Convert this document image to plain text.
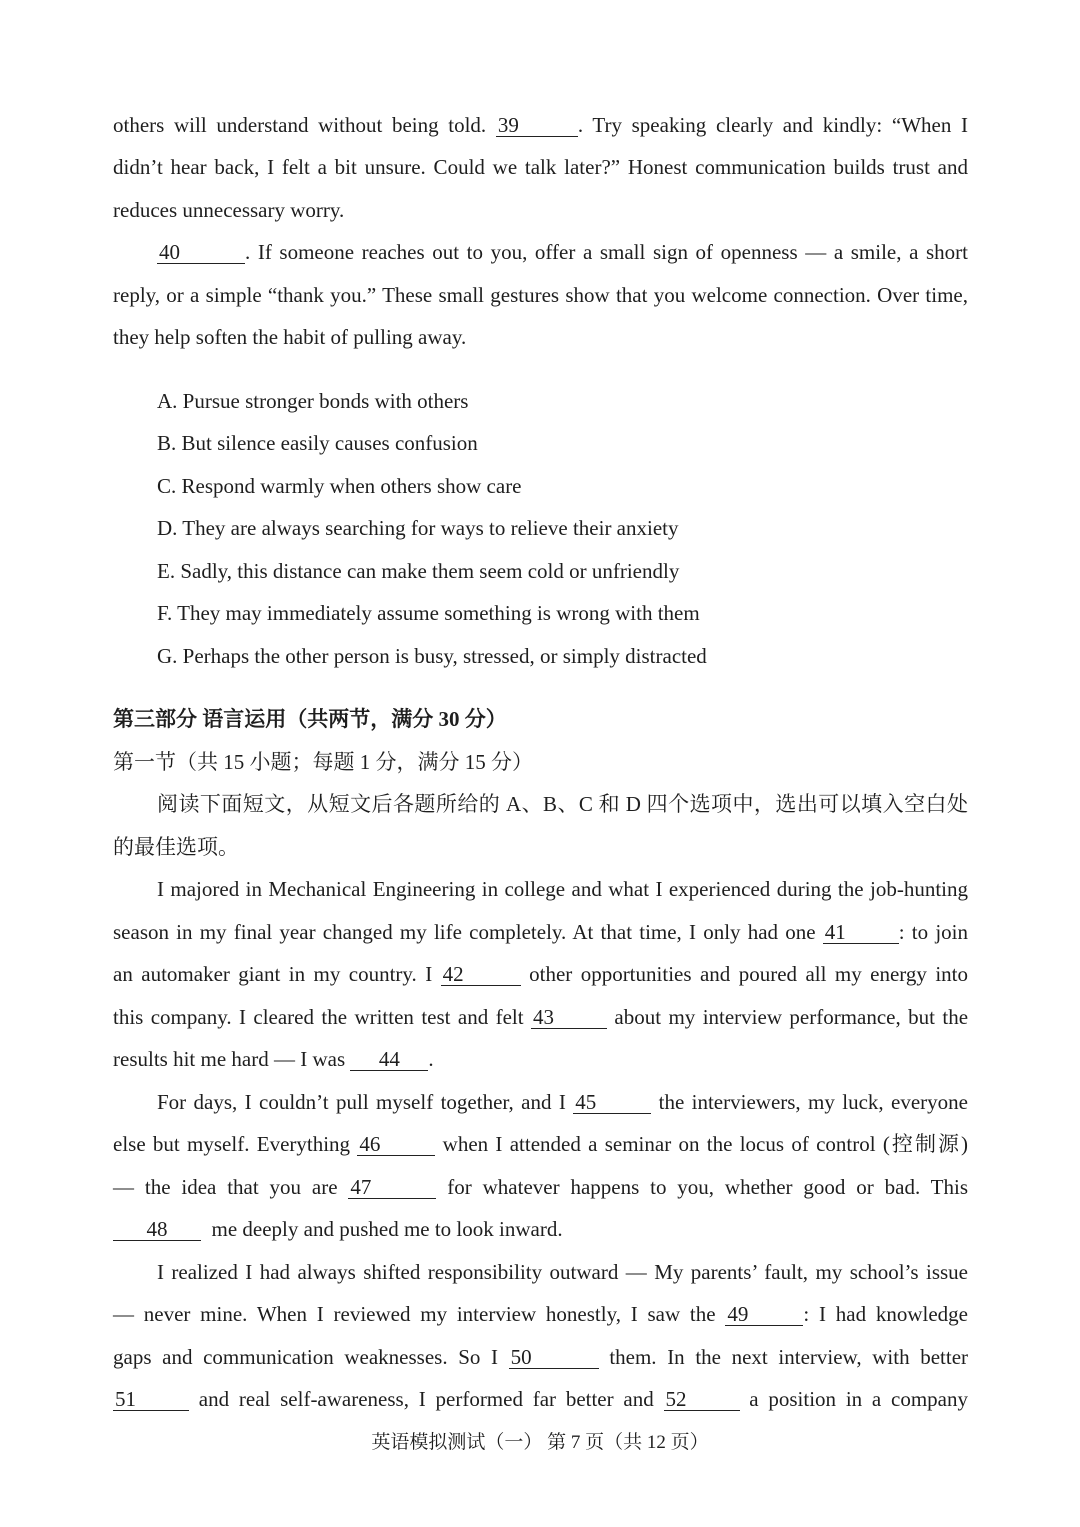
others will understand without being told. 39	. Try speaking clearly and kindly: “When I
didn’t hear back, I felt a bit unsure. Could we talk later?” Honest communication builds trust and
reduces unnecessary worry.
40	. If someone reaches out to you, offer a small sign of openness — a smile, a short
reply, or a simple “thank you.” These small gestures show that you welcome connection. Over time,
they help soften the habit of pulling away.
A. Pursue stronger bonds with others
B. But silence easily causes confusion
C. Respond warmly when others show care
D. They are always searching for ways to relieve their anxiety
E. Sadly, this distance can make them seem cold or unfriendly
F. They may immediately assume something is wrong with them
G. Perhaps the other person is busy, stressed, or simply distracted
第三部分 语言运用（共两节，满分 30 分）
第一节（共 15 小题；每题 1 分，满分 15 分）
阅读下面短文，从短文后各题所给的 A、B、C 和 D 四个选项中，选出可以填入空白处
的最佳选项。
I majored in Mechanical Engineering in college and what I experienced during the job-hunting
season in my final year changed my life completely. At that time, I only had one 41	: to join
an automaker giant in my country. I 42	other opportunities and poured all my energy into
this company. I cleared the written test and felt 43	about my interview performance, but the
results hit me hard — I was 44 .
For days, I couldn’t pull myself together, and I 45	the interviewers, my luck, everyone
else but myself. Everything 46	when I attended a seminar on the locus of control (控制源)
— the idea that you are 47	for whatever happens to you, whether good or bad. This
48 me deeply and pushed me to look inward.
I realized I had always shifted responsibility outward — My parents’ fault, my school’s issue
— never mine. When I reviewed my interview honestly, I saw the 49	: I had knowledge
gaps and communication weaknesses. So I 50	them. In the next interview, with better
51	and real self-awareness, I performed far better and 52	a position in a company
英语模拟测试（一） 第 7 页（共 12 页）
